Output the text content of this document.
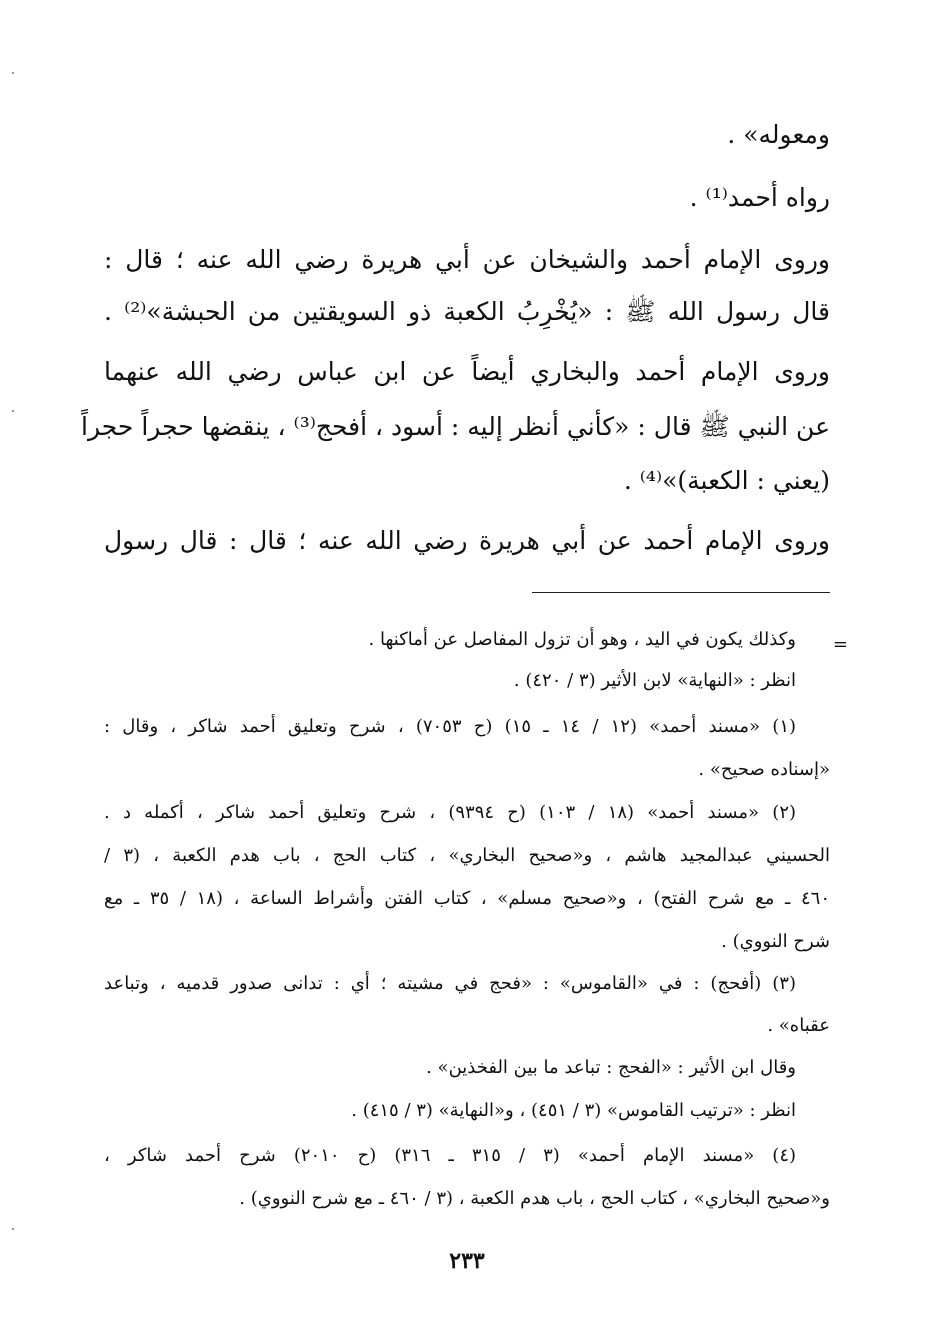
ومعوله» .
رواه أحمد⁽¹⁾ .
وروى الإمام أحمد والشيخان عن أبي هريرة رضي الله عنه ؛ قال :
قال رسول الله ﷺ : «يُخْرِبُ الكعبة ذو السويقتين من الحبشة»⁽²⁾ .
وروى الإمام أحمد والبخاري أيضاً عن ابن عباس رضي الله عنهما
عن النبي ﷺ قال : «كأني أنظر إليه : أسود ، أفحج⁽³⁾ ، ينقضها حجراً حجراً
(يعني : الكعبة)»⁽⁴⁾ .
وروى الإمام أحمد عن أبي هريرة رضي الله عنه ؛ قال : قال رسول
=
وكذلك يكون في اليد ، وهو أن تزول المفاصل عن أماكنها .
انظر : «النهاية» لابن الأثير (٣ / ٤٢٠) .
(١) «مسند أحمد» (١٢ / ١٤ ـ ١٥) (ح ٧٠٥٣) ، شرح وتعليق أحمد شاكر ، وقال :
«إسناده صحيح» .
(٢) «مسند أحمد» (١٨ / ١٠٣) (ح ٩٣٩٤) ، شرح وتعليق أحمد شاكر ، أكمله د .
الحسيني عبدالمجيد هاشم ، و«صحيح البخاري» ، كتاب الحج ، باب هدم الكعبة ، (٣ /
٤٦٠ ـ مع شرح الفتح) ، و«صحيح مسلم» ، كتاب الفتن وأشراط الساعة ، (١٨ / ٣٥ ـ مع
شرح النووي) .
(٣) (أفحج) : في «القاموس» : «فحج في مشيته ؛ أي : تدانى صدور قدميه ، وتباعد
عقباه» .
وقال ابن الأثير : «الفحج : تباعد ما بين الفخذين» .
انظر : «ترتيب القاموس» (٣ / ٤٥١) ، و«النهاية» (٣ / ٤١٥) .
(٤) «مسند الإمام أحمد» (٣ / ٣١٥ ـ ٣١٦) (ح ٢٠١٠) شرح أحمد شاكر ،
و«صحيح البخاري» ، كتاب الحج ، باب هدم الكعبة ، (٣ / ٤٦٠ ـ مع شرح النووي) .
٢٣٣
